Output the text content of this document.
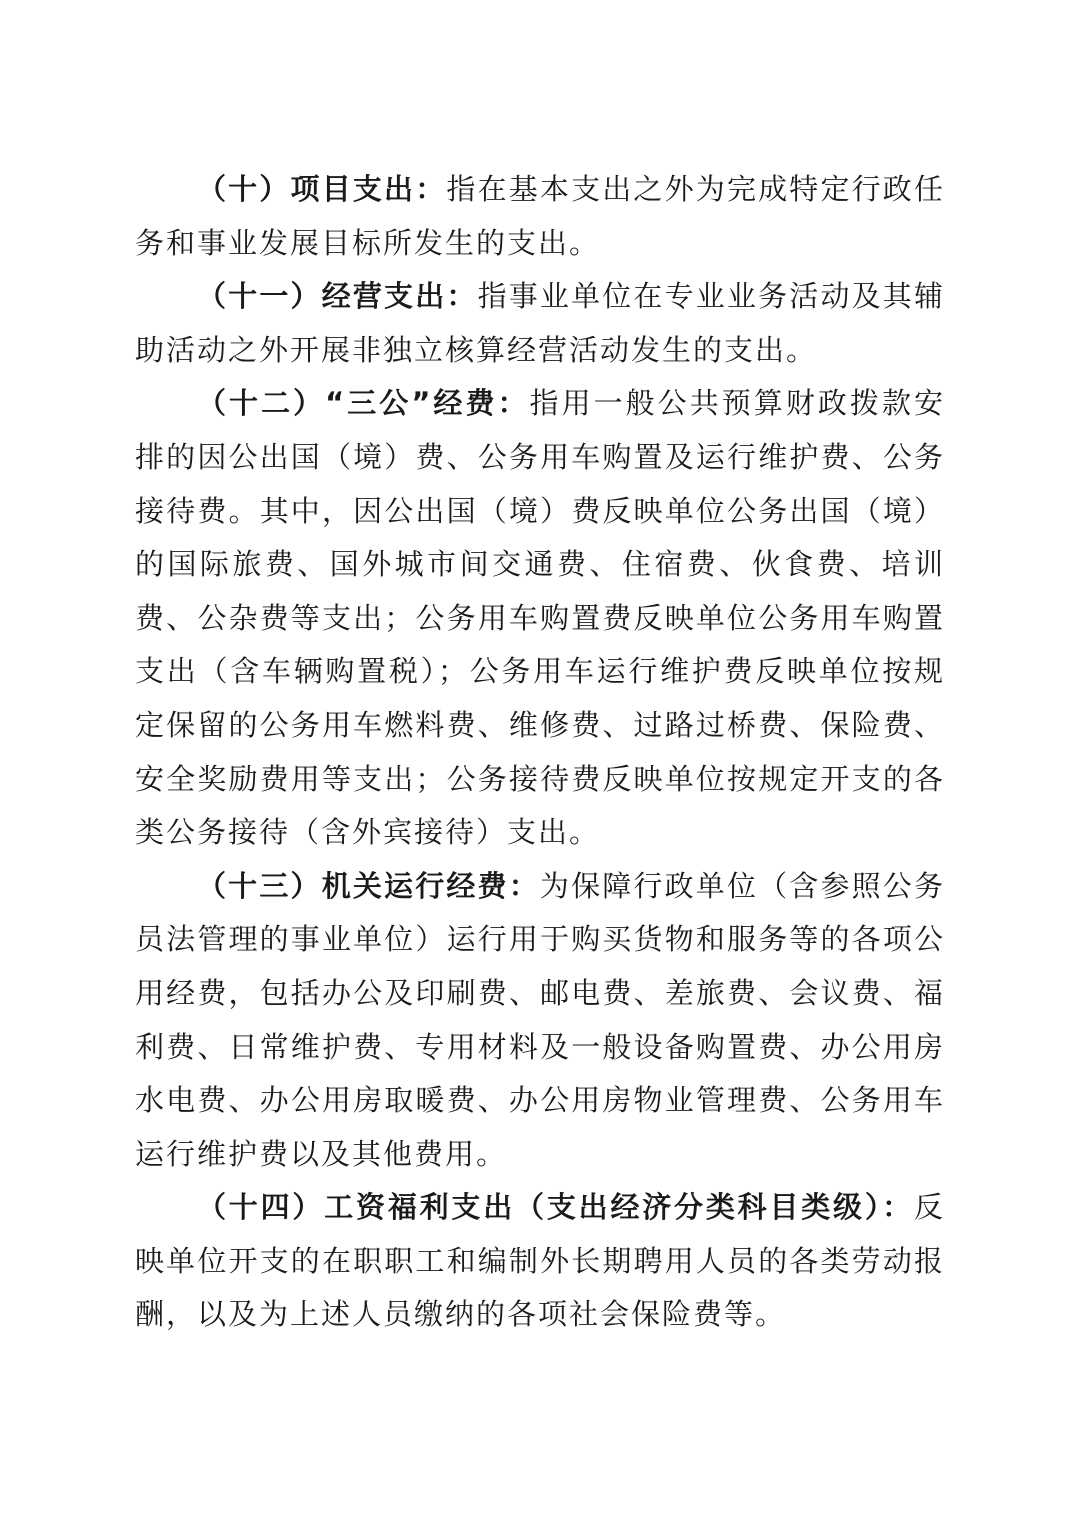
（十）项目支出：指在基本支出之外为完成特定行政任务和事业发展目标所发生的支出。

（十一）经营支出：指事业单位在专业业务活动及其辅助活动之外开展非独立核算经营活动发生的支出。

（十二）“三公”经费：指用一般公共预算财政拨款安排的因公出国（境）费、公务用车购置及运行维护费、公务接待费。其中，因公出国（境）费反映单位公务出国（境）的国际旅费、国外城市间交通费、住宿费、伙食费、培训费、公杂费等支出；公务用车购置费反映单位公务用车购置支出（含车辆购置税）；公务用车运行维护费反映单位按规定保留的公务用车燃料费、维修费、过路过桥费、保险费、安全奖励费用等支出；公务接待费反映单位按规定开支的各类公务接待（含外宾接待）支出。

（十三）机关运行经费：为保障行政单位（含参照公务员法管理的事业单位）运行用于购买货物和服务等的各项公用经费，包括办公及印刷费、邮电费、差旅费、会议费、福利费、日常维护费、专用材料及一般设备购置费、办公用房水电费、办公用房取暖费、办公用房物业管理费、公务用车运行维护费以及其他费用。

（十四）工资福利支出（支出经济分类科目类级）：反映单位开支的在职职工和编制外长期聘用人员的各类劳动报酬，以及为上述人员缴纳的各项社会保险费等。
